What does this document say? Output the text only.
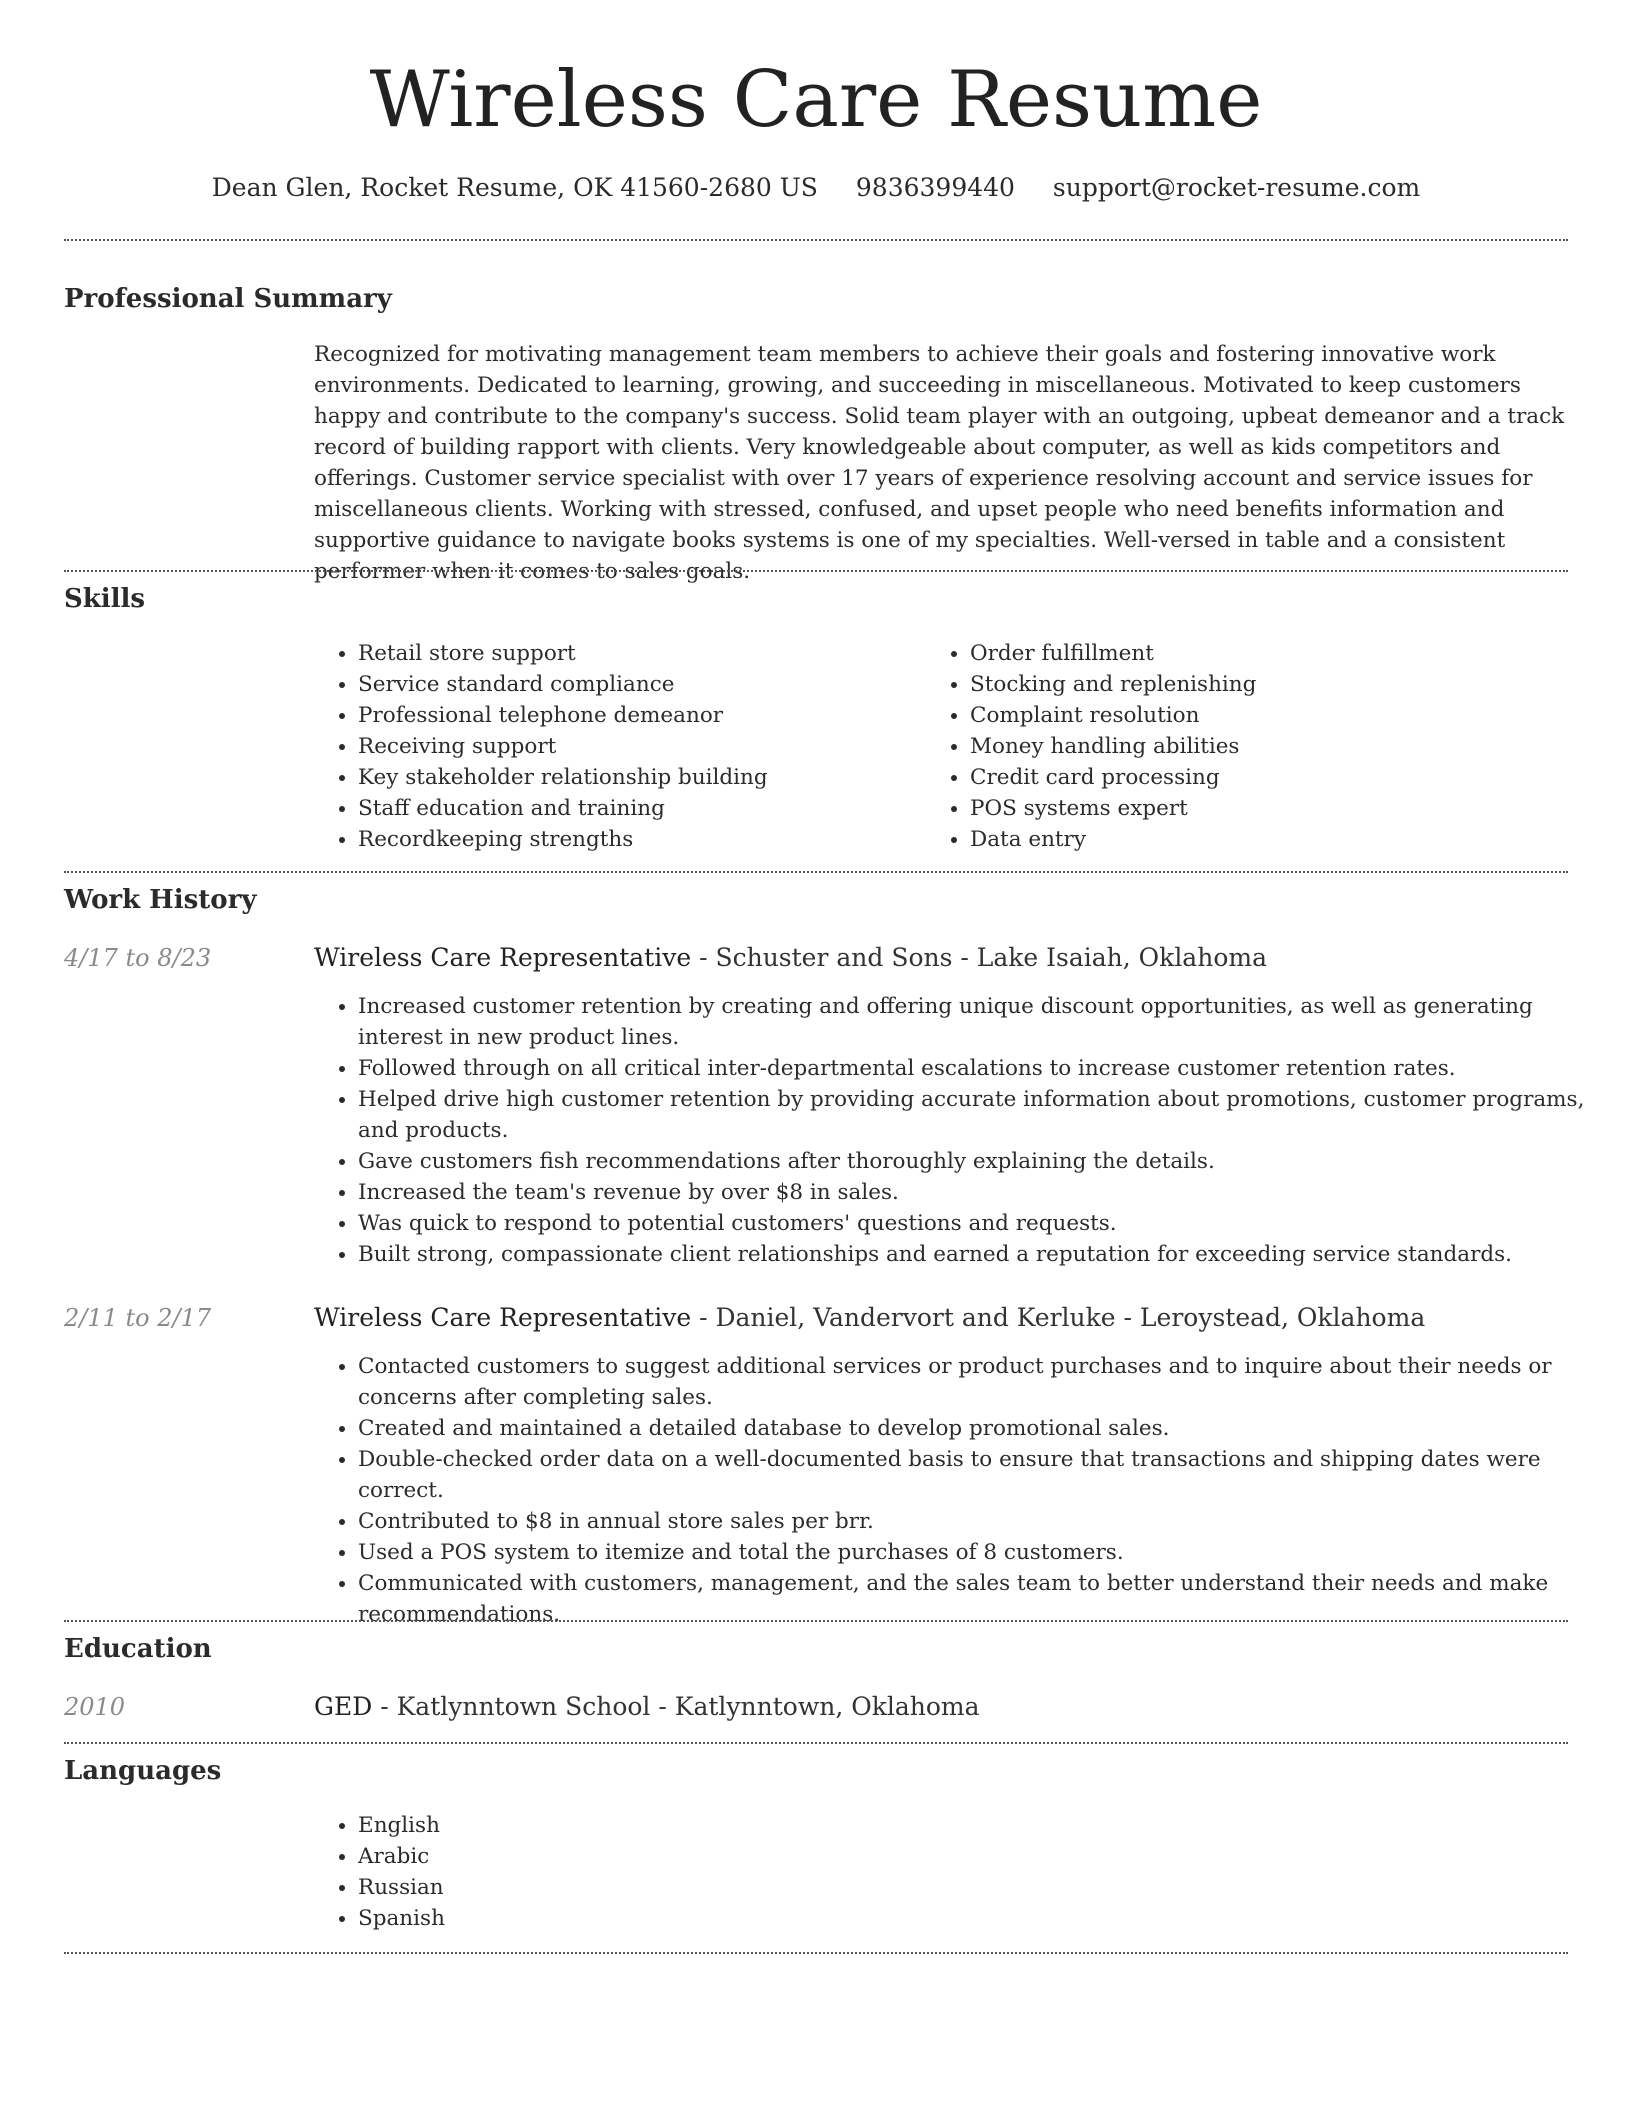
Wireless Care Resume
Dean Glen, Rocket Resume, OK 41560-2680 US 9836399440 support@rocket-resume.com
Professional Summary

Recognized for motivating management team members to achieve their goals and fostering innovative work environments. Dedicated to learning, growing, and succeeding in miscellaneous. Motivated to keep customers happy and contribute to the company's success. Solid team player with an outgoing, upbeat demeanor and a track record of building rapport with clients. Very knowledgeable about computer, as well as kids competitors and offerings. Customer service specialist with over 17 years of experience resolving account and service issues for miscellaneous clients. Working with stressed, confused, and upset people who need benefits information and supportive guidance to navigate books systems is one of my specialties. Well-versed in table and a consistent performer when it comes to sales goals.

Skills
• Retail store support
• Service standard compliance
• Professional telephone demeanor
• Receiving support
• Key stakeholder relationship building
• Staff education and training
• Recordkeeping strengths
• Order fulfillment
• Stocking and replenishing
• Complaint resolution
• Money handling abilities
• Credit card processing
• POS systems expert
• Data entry
Work History
4/17 to 8/23	Wireless Care Representative - Schuster and Sons - Lake Isaiah, Oklahoma
• Increased customer retention by creating and offering unique discount opportunities, as well as generating interest in new product lines.
• Followed through on all critical inter-departmental escalations to increase customer retention rates.
• Helped drive high customer retention by providing accurate information about promotions, customer programs, and products.
• Gave customers fish recommendations after thoroughly explaining the details.
• Increased the team's revenue by over $8 in sales.
• Was quick to respond to potential customers' questions and requests.
• Built strong, compassionate client relationships and earned a reputation for exceeding service standards.
2/11 to 2/17	Wireless Care Representative - Daniel, Vandervort and Kerluke - Leroystead, Oklahoma
• Contacted customers to suggest additional services or product purchases and to inquire about their needs or concerns after completing sales.
• Created and maintained a detailed database to develop promotional sales.
• Double-checked order data on a well-documented basis to ensure that transactions and shipping dates were correct.
• Contributed to $8 in annual store sales per brr.
• Used a POS system to itemize and total the purchases of 8 customers.
• Communicated with customers, management, and the sales team to better understand their needs and make recommendations.
Education
2010	GED - Katlynntown School - Katlynntown, Oklahoma
Languages
• English
• Arabic
• Russian
• Spanish
